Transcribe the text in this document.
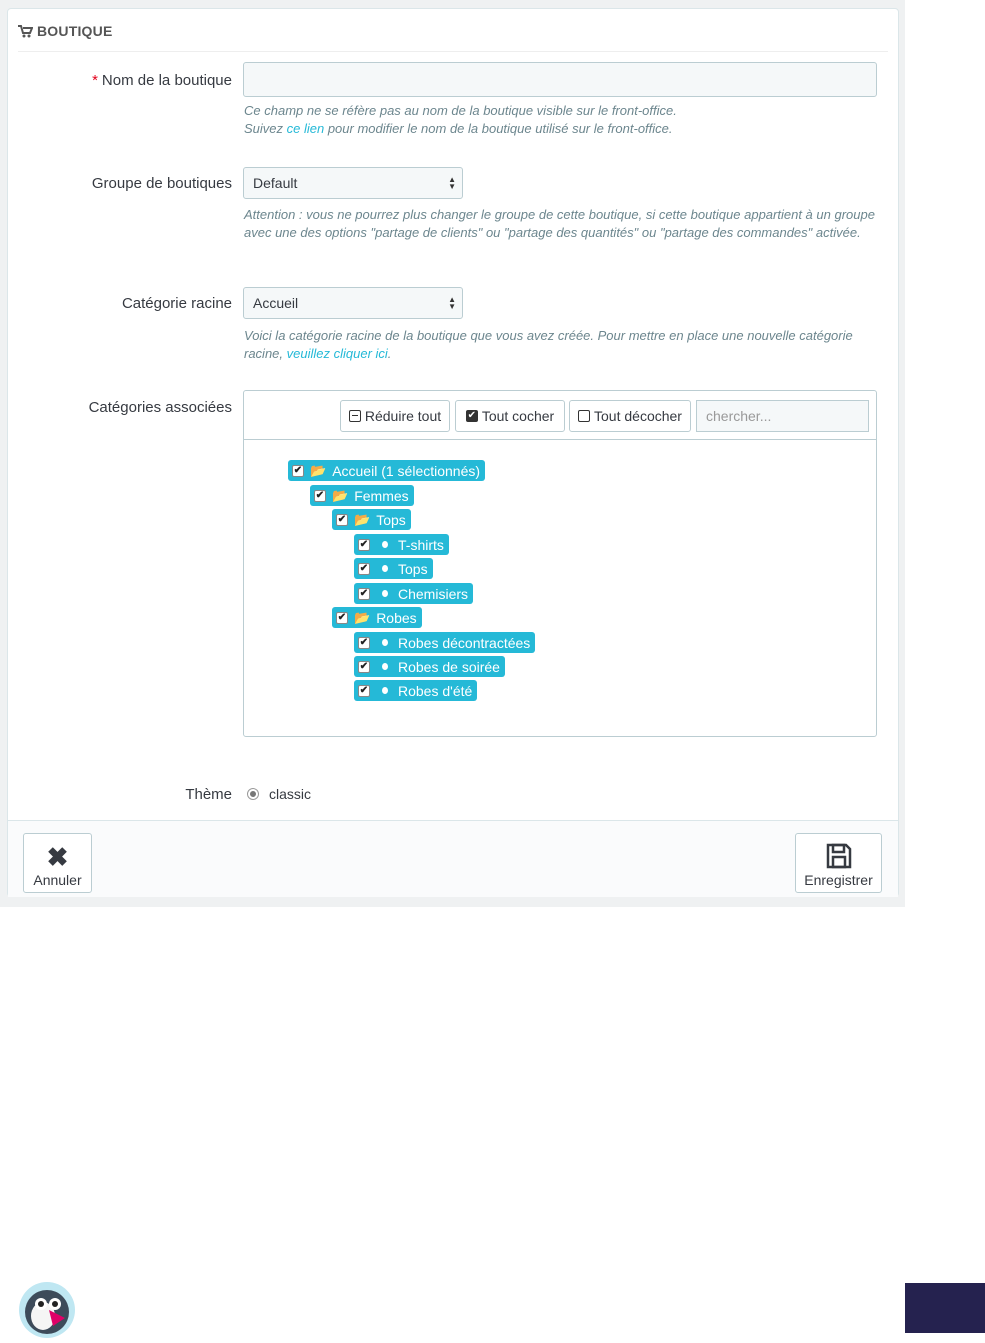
BOUTIQUE
* Nom de la boutique
Ce champ ne se réfère pas au nom de la boutique visible sur le front-office.
Suivez ce lien pour modifier le nom de la boutique utilisé sur le front-office.
Groupe de boutiques Default	▲
▼
Attention : vous ne pourrez plus changer le groupe de cette boutique, si cette boutique appartient à un groupe avec une des options "partage de clients" ou "partage des quantités" ou "partage des commandes" activée.
Catégorie racine Accueil	▲
▼
Voici la catégorie racine de la boutique que vous avez créée. Pour mettre en place une nouvelle catégorie racine, veuillez cliquer ici.
Catégories associées	Réduire tout	✔ Tout cocher	Tout décocher	chercher...
✔ 📂 Accueil (1 sélectionnés)
✔ 📂 Femmes
✔ 📂 Tops
✔ T-shirts
✔ Tops
✔ Chemisiers
✔ 📂 Robes
✔ Robes décontractées
✔ Robes de soirée
✔ Robes d'été
Thème	classic
✖
Annuler	Enregistrer
